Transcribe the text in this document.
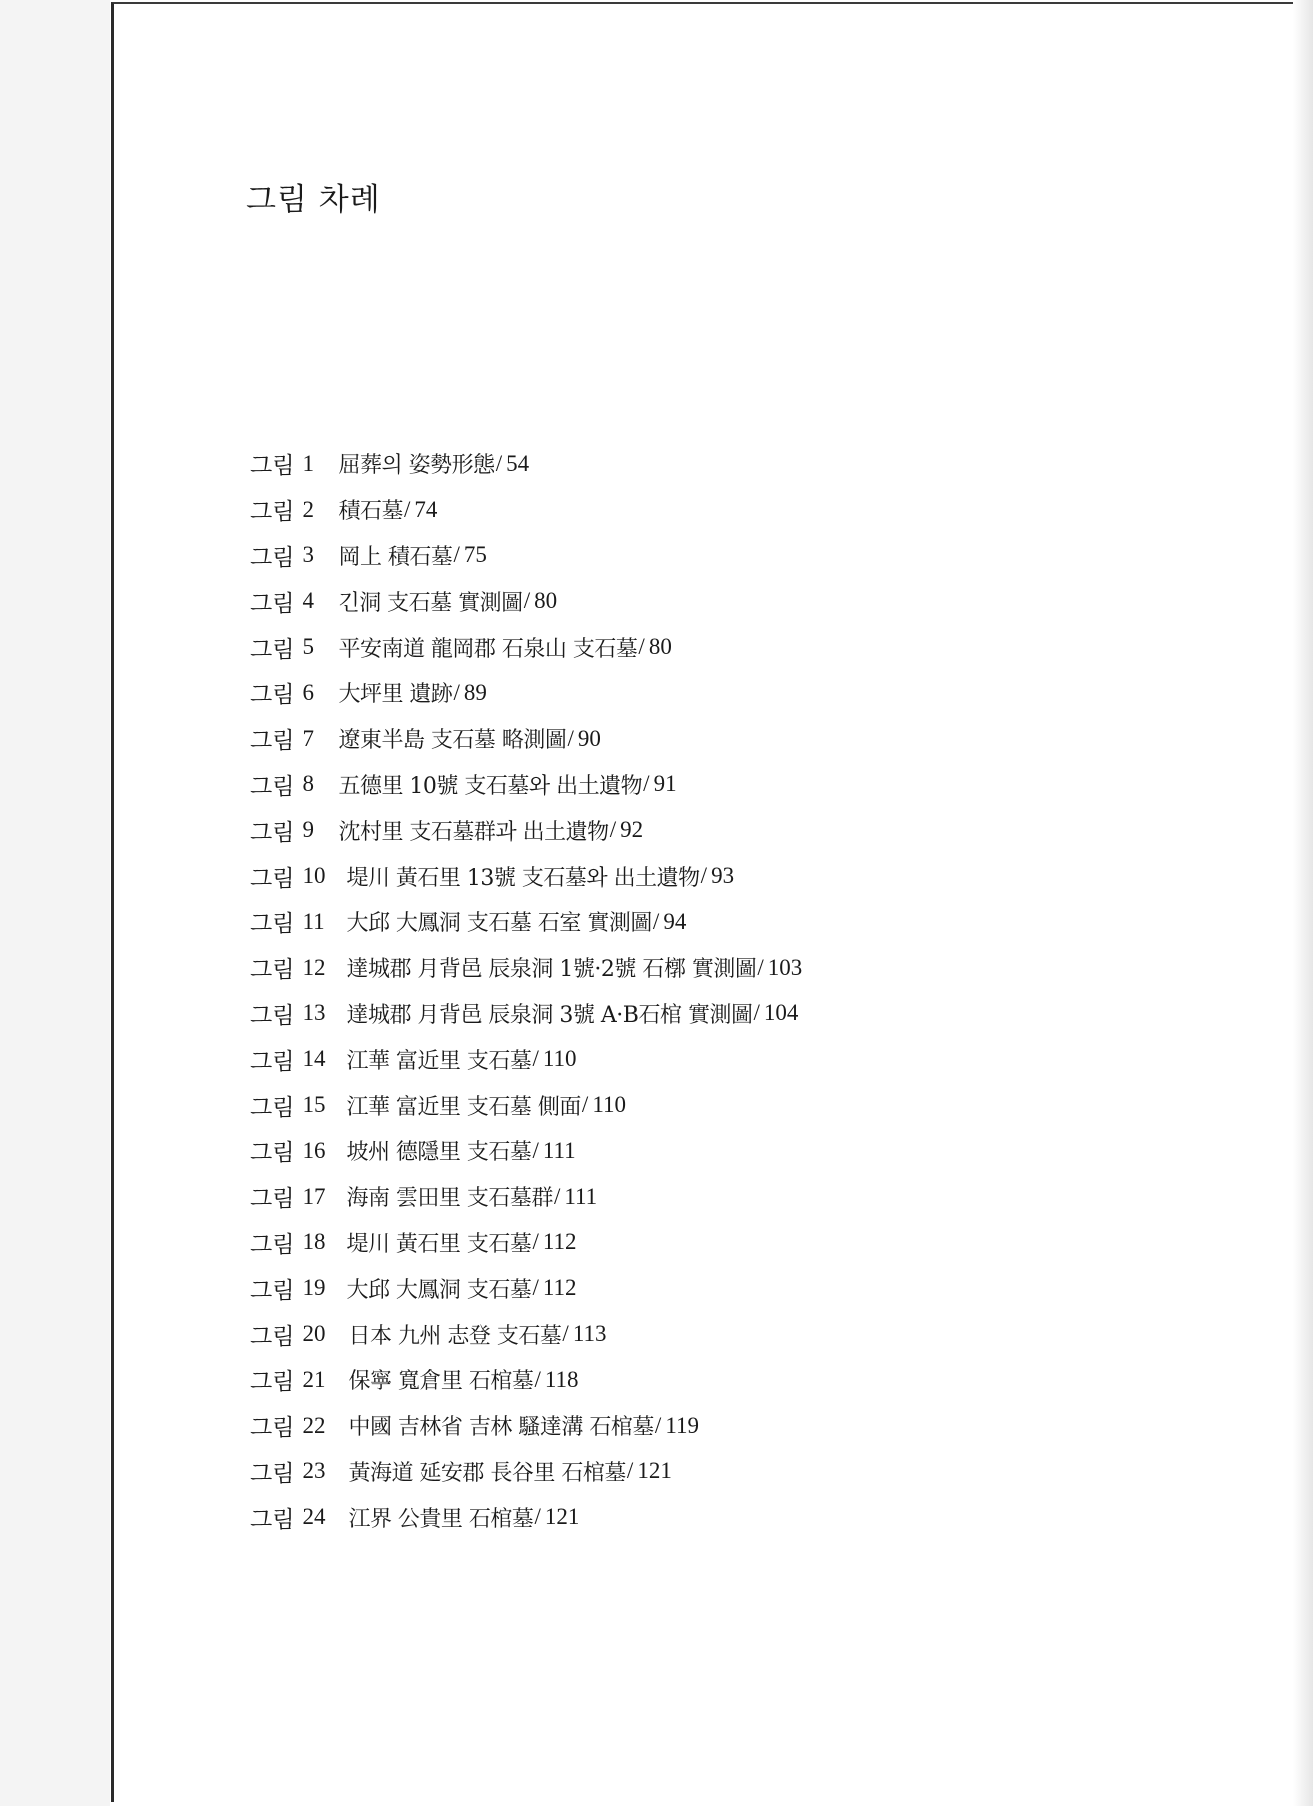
그림 차례
그림 1	屈葬의 姿勢形態 / 54
그림 2	積石墓 / 74
그림 3	岡上 積石墓 / 75
그림 4	긴洞 支石墓 實測圖 / 80
그림 5	平安南道 龍岡郡 石泉山 支石墓 / 80
그림 6	大坪里 遺跡 / 89
그림 7	遼東半島 支石墓 略測圖 / 90
그림 8	五德里 10號 支石墓와 出土遺物 / 91
그림 9	沈村里 支石墓群과 出土遺物 / 92
그림 10 堤川 黃石里 13號 支石墓와 出土遺物 / 93
그림 11 大邱 大鳳洞 支石墓 石室 實測圖 / 94
그림 12 達城郡 月背邑 辰泉洞 1號·2號 石槨 實測圖 / 103
그림 13 達城郡 月背邑 辰泉洞 3號 A·B石棺 實測圖 / 104
그림 14 江華 富近里 支石墓 / 110
그림 15 江華 富近里 支石墓 側面 / 110
그림 16 坡州 德隱里 支石墓 / 111
그림 17 海南 雲田里 支石墓群 / 111
그림 18 堤川 黃石里 支石墓 / 112
그림 19 大邱 大鳳洞 支石墓 / 112
그림 20	日本 九州 志登 支石墓 / 113
그림 21	保寧 寬倉里 石棺墓 / 118
그림 22	中國 吉林省 吉林 騷達溝 石棺墓 / 119
그림 23	黃海道 延安郡 長谷里 石棺墓 / 121
그림 24	江界 公貴里 石棺墓 / 121
